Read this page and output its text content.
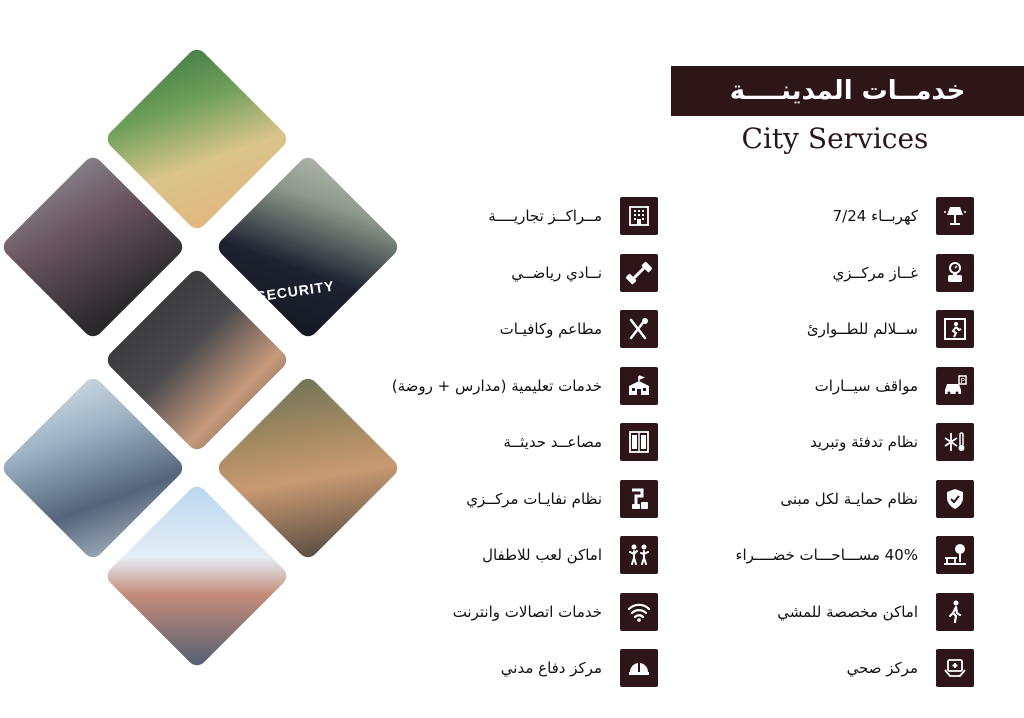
SECURITY
خدمــات المدينــــة
City Services
كهربــاء 7/24
غــاز مركــزي
ســلالم للطــوارئ
P
مواقف سيــارات
نظام تدفئة وتبريد
نظام حمايـة لكل مبنى
40% مســـاحـــات خضــــراء
اماكن مخصصة للمشي
مركز صحي
مــراكــز تجاريــــة
نــادي رياضــي
مطاعم وكافيـات
خدمات تعليمية (مدارس + روضة)
مصاعــد حديثــة
نظام نفايـات مركــزي
اماكن لعب للاطفال
خدمات اتصالات وانترنت
مركز دفاع مدني
